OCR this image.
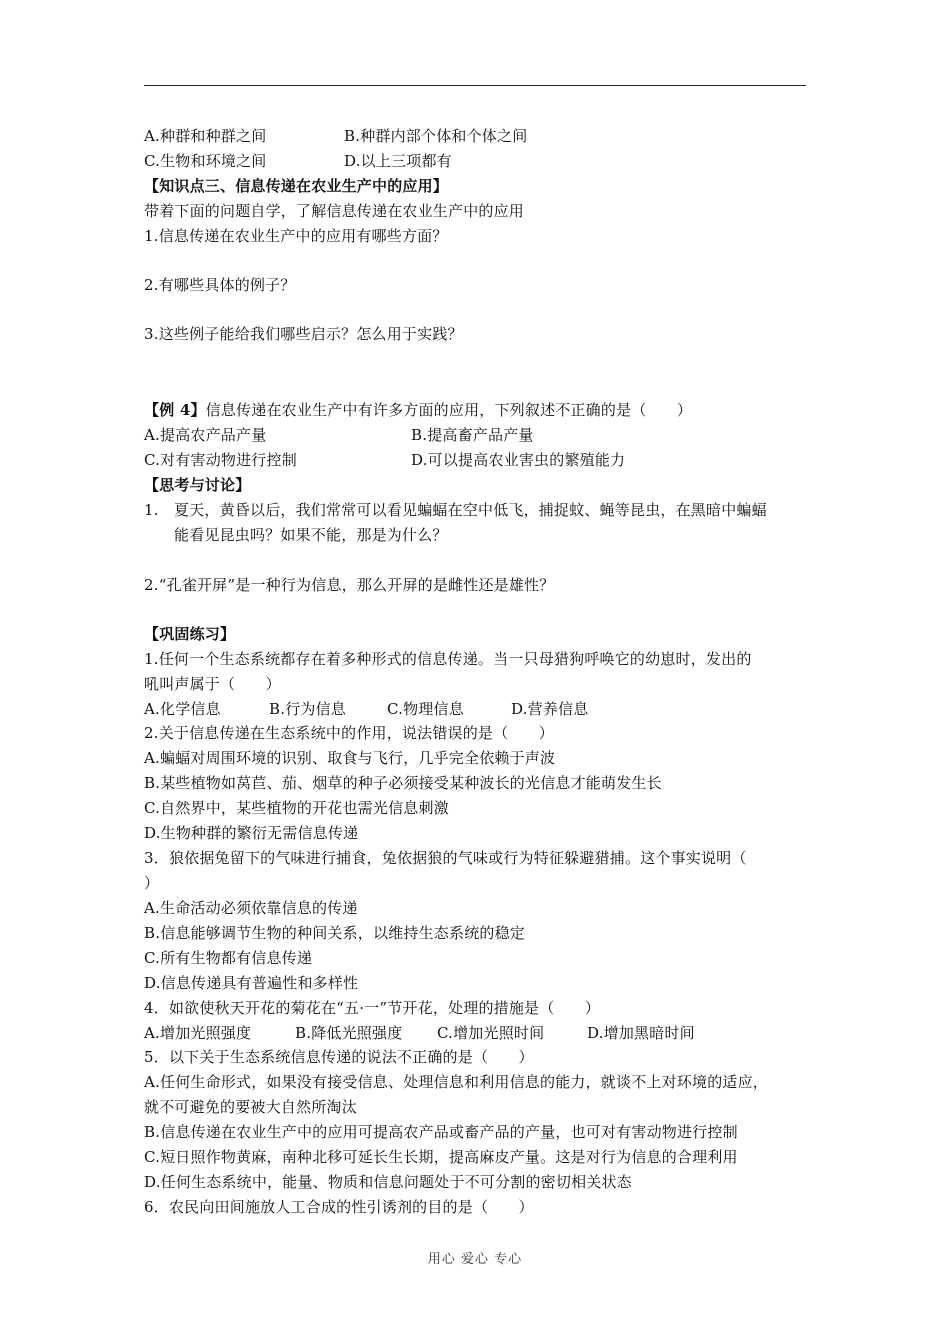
A.种群和种群之间	B.种群内部个体和个体之间
C.生物和环境之间	D.以上三项都有
【知识点三、信息传递在农业生产中的应用】
带着下面的问题自学，了解信息传递在农业生产中的应用
1.信息传递在农业生产中的应用有哪些方面？
2.有哪些具体的例子？
3.这些例子能给我们哪些启示？怎么用于实践？
【例 4】信息传递在农业生产中有许多方面的应用，下列叙述不正确的是（　　）
A.提高农产品产量	B.提高畜产品产量
C.对有害动物进行控制	D.可以提高农业害虫的繁殖能力
【思考与讨论】
1. 夏天，黄昏以后，我们常常可以看见蝙蝠在空中低飞，捕捉蚊、蝇等昆虫，在黑暗中蝙蝠
能看见昆虫吗？如果不能，那是为什么？
2.“孔雀开屏”是一种行为信息，那么开屏的是雌性还是雄性？
【巩固练习】
1.任何一个生态系统都存在着多种形式的信息传递。当一只母猎狗呼唤它的幼崽时，发出的
吼叫声属于（　　）
A.化学信息	B.行为信息	C.物理信息	D.营养信息
2.关于信息传递在生态系统中的作用，说法错误的是（　　）
A.蝙蝠对周围环境的识别、取食与飞行，几乎完全依赖于声波
B.某些植物如莴苣、茄、烟草的种子必须接受某种波长的光信息才能萌发生长
C.自然界中，某些植物的开花也需光信息刺激
D.生物种群的繁衍无需信息传递
3．狼依据兔留下的气味进行捕食，兔依据狼的气味或行为特征躲避猎捕。这个事实说明（
）
A.生命活动必须依靠信息的传递
B.信息能够调节生物的种间关系，以维持生态系统的稳定
C.所有生物都有信息传递
D.信息传递具有普遍性和多样性
4．如欲使秋天开花的菊花在“五·一”节开花，处理的措施是（　　）
A.增加光照强度	B.降低光照强度 C.增加光照时间	D.增加黑暗时间
5．以下关于生态系统信息传递的说法不正确的是（　　）
A.任何生命形式，如果没有接受信息、处理信息和利用信息的能力，就谈不上对环境的适应，
就不可避免的要被大自然所淘汰
B.信息传递在农业生产中的应用可提高农产品或畜产品的产量，也可对有害动物进行控制
C.短日照作物黄麻，南种北移可延长生长期，提高麻皮产量。这是对行为信息的合理利用
D.任何生态系统中，能量、物质和信息问题处于不可分割的密切相关状态
6．农民向田间施放人工合成的性引诱剂的目的是（　　）
用心 爱心 专心
